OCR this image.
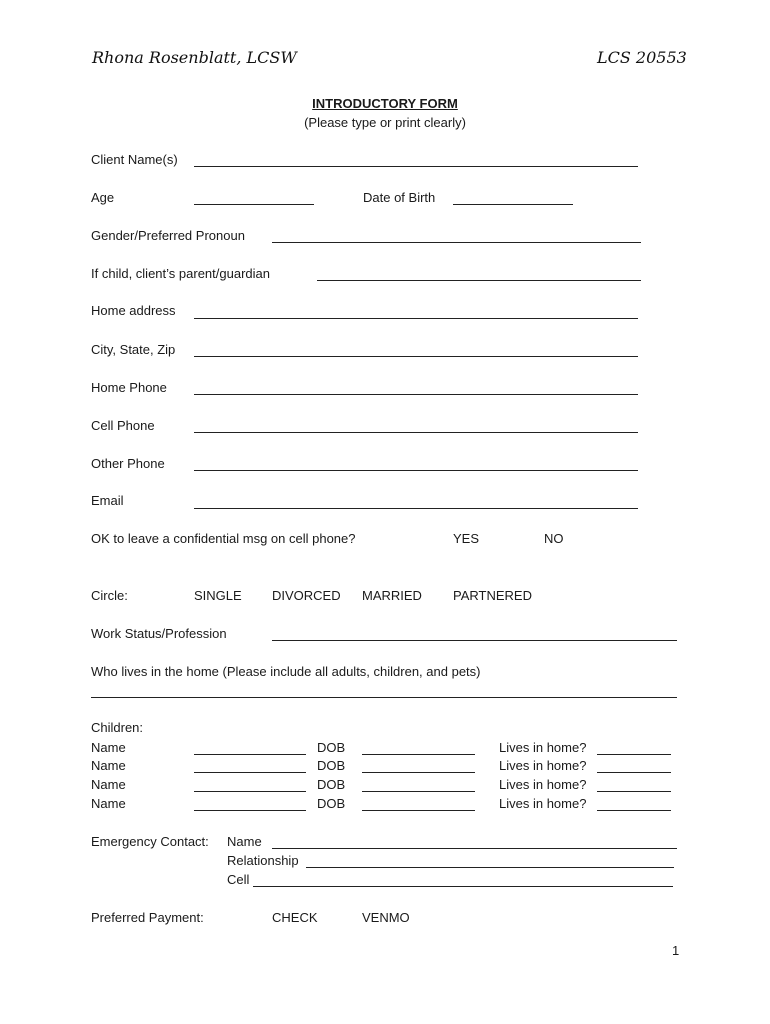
Rhona Rosenblatt, LCSW	LCS 20553
INTRODUCTORY FORM
(Please type or print clearly)
Client Name(s)
Age	Date of Birth
Gender/Preferred Pronoun
If child, client’s parent/guardian
Home address
City, State, Zip
Home Phone
Cell Phone
Other Phone
Email
OK to leave a confidential msg on cell phone?	YES	NO
Circle:	SINGLE DIVORCED MARRIED PARTNERED
Work Status/Profession
Who lives in the home (Please include all adults, children, and pets)
Children:
Name	DOB	Lives in home?
Name	DOB	Lives in home?
Name	DOB	Lives in home?
Name	DOB	Lives in home?
Emergency Contact: Name
Relationship
Cell
Preferred Payment:	CHECK	VENMO
1
